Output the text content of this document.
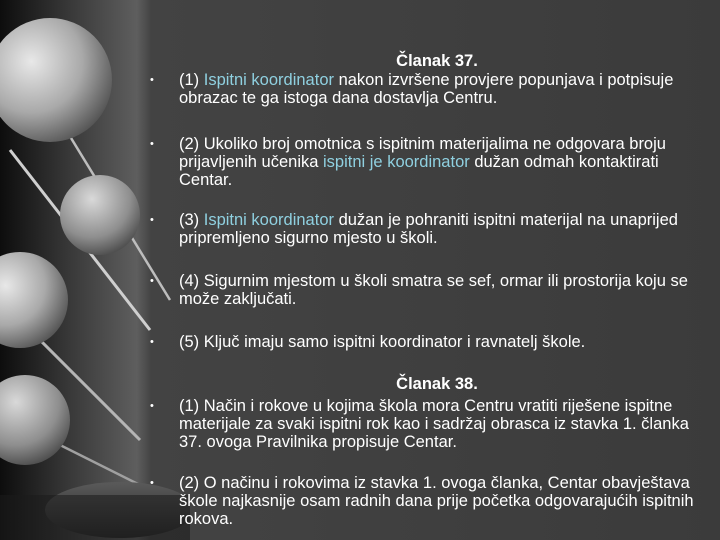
Članak 37.
• (1) Ispitni koordinator nakon izvršene provjere popunjava i potpisuje obrazac te ga istoga dana dostavlja Centru.
• (2) Ukoliko broj omotnica s ispitnim materijalima ne odgovara broju prijavljenih učenika ispitni je koordinator dužan odmah kontaktirati Centar.
• (3) Ispitni koordinator dužan je pohraniti ispitni materijal na unaprijed pripremljeno sigurno mjesto u školi.
• (4) Sigurnim mjestom u školi smatra se sef, ormar ili prostorija koju se može zaključati.
• (5) Ključ imaju samo ispitni koordinator i ravnatelj škole.
Članak 38.
• (1) Način i rokove u kojima škola mora Centru vratiti riješene ispitne materijale za svaki ispitni rok kao i sadržaj obrasca iz stavka 1. članka 37. ovoga Pravilnika propisuje Centar.
• (2) O načinu i rokovima iz stavka 1. ovoga članka, Centar obavještava škole najkasnije osam radnih dana prije početka odgovarajućih ispitnih rokova.
